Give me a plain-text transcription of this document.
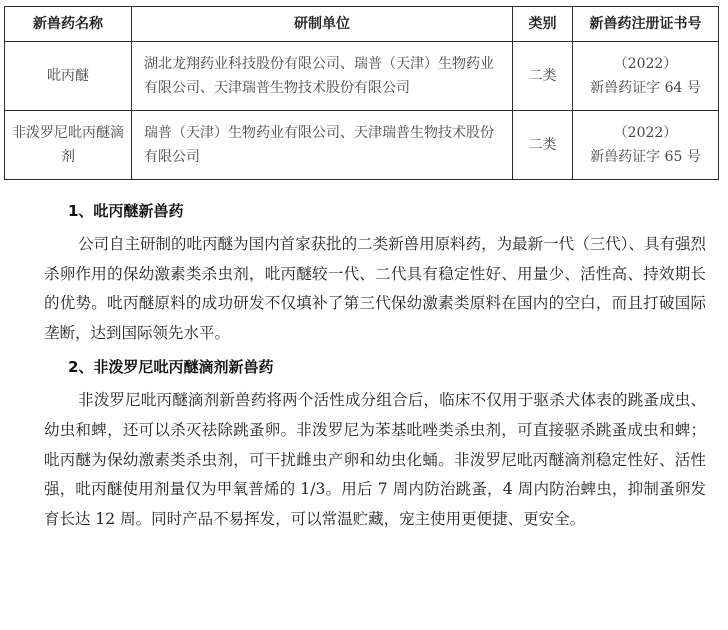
新兽药名称	研制单位	类别	新兽药注册证书号
吡丙醚	湖北龙翔药业科技股份有限公司、瑞普（天津）生物药业有限公司、天津瑞普生物技术股份有限公司	二类	（2022）
新兽药证字 64 号

非泼罗尼吡丙醚滴剂	瑞普（天津）生物药业有限公司、天津瑞普生物技术股份有限公司	二类	（2022）
新兽药证字 65 号
1、吡丙醚新兽药

公司自主研制的吡丙醚为国内首家获批的二类新兽用原料药，为最新一代（三代）、具有强烈杀卵作用的保幼激素类杀虫剂，吡丙醚较一代、二代具有稳定性好、用量少、活性高、持效期长的优势。吡丙醚原料的成功研发不仅填补了第三代保幼激素类原料在国内的空白，而且打破国际垄断，达到国际领先水平。

2、非泼罗尼吡丙醚滴剂新兽药

非泼罗尼吡丙醚滴剂新兽药将两个活性成分组合后，临床不仅用于驱杀犬体表的跳蚤成虫、幼虫和蜱，还可以杀灭祛除跳蚤卵。非泼罗尼为苯基吡唑类杀虫剂，可直接驱杀跳蚤成虫和蜱；吡丙醚为保幼激素类杀虫剂，可干扰雌虫产卵和幼虫化蛹。非泼罗尼吡丙醚滴剂稳定性好、活性强，吡丙醚使用剂量仅为甲氧普烯的 1/3。用后 7 周内防治跳蚤，4 周内防治蜱虫，抑制蚤卵发育长达 12 周。同时产品不易挥发，可以常温贮藏，宠主使用更便捷、更安全。
